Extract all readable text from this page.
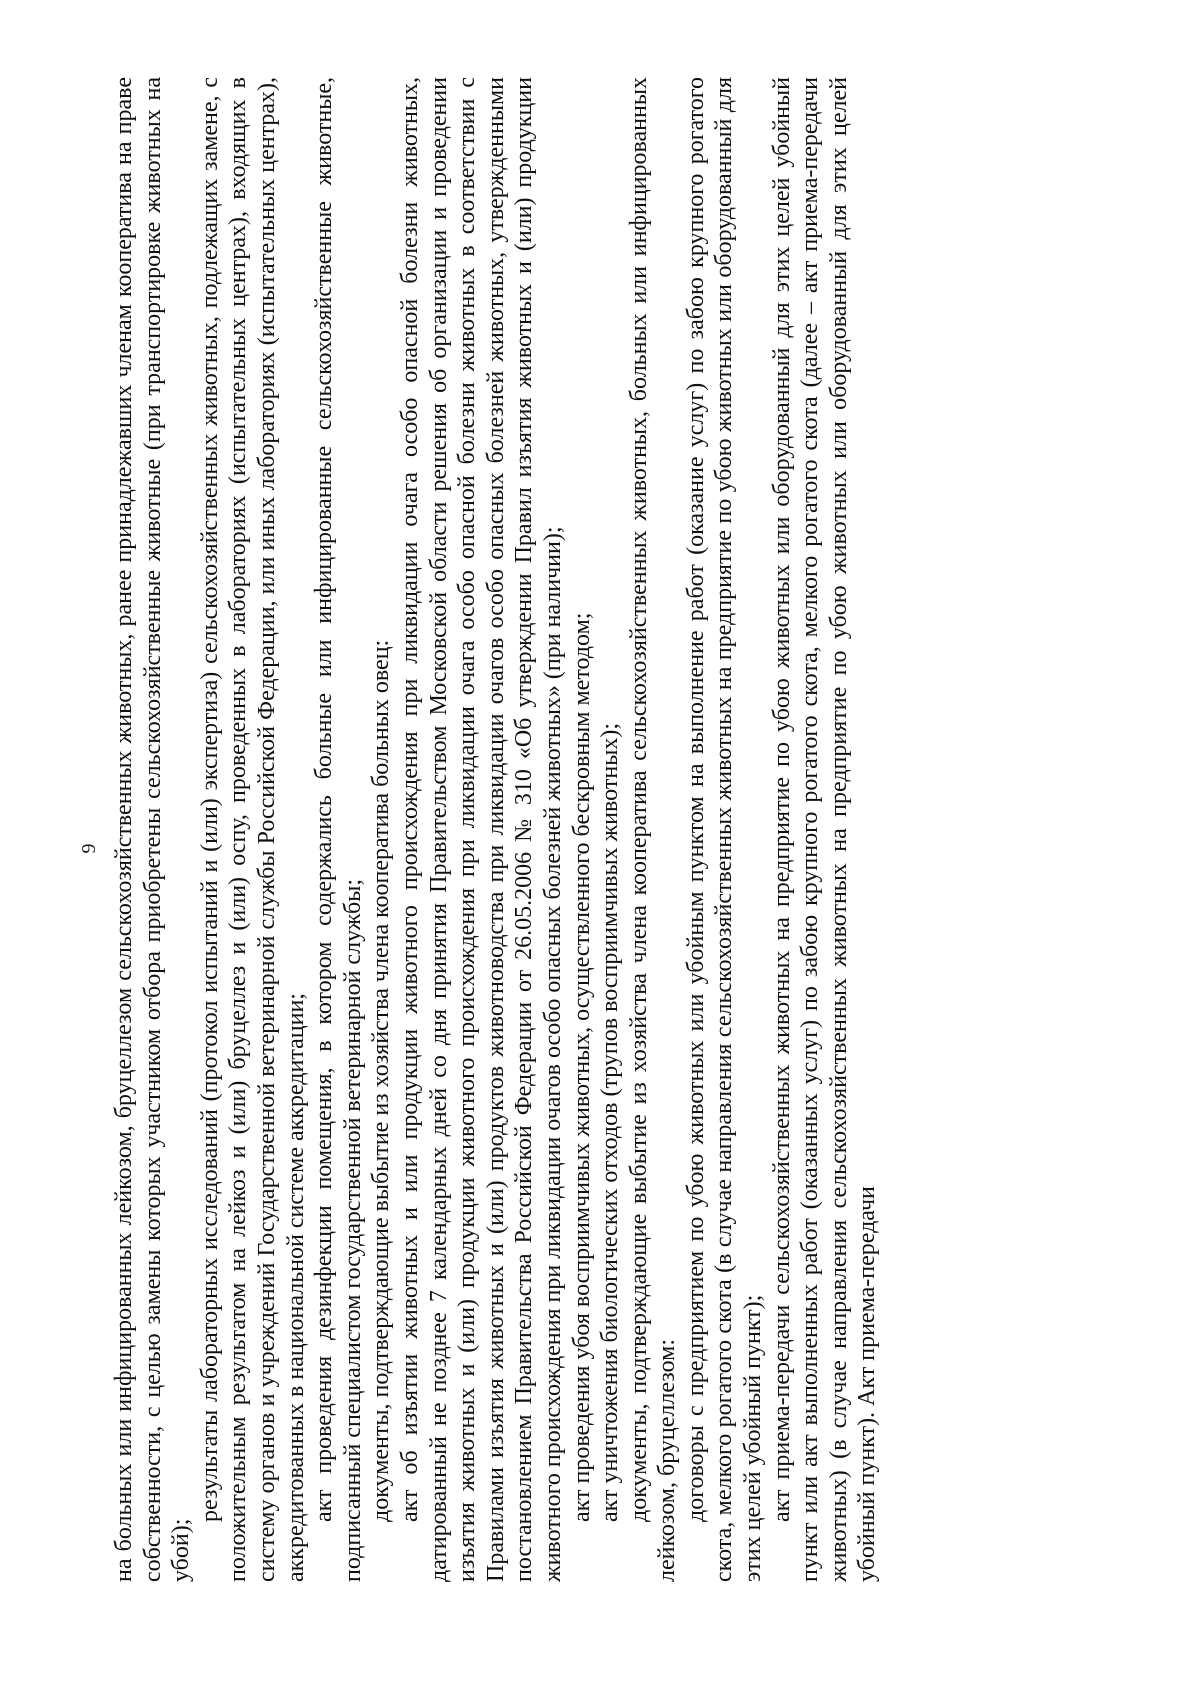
9 на больных или инфицированных лейкозом, бруцеллезом сельскохозяйственных животных, ранее принадлежавших членам кооператива на праве собственности, с целью замены которых участником отбора приобретены сельскохозяйственные животные (при транспортировке животных на убой);

результаты лабораторных исследований (протокол испытаний и (или) экспертиза) сельскохозяйственных животных, подлежащих замене, с положительным результатом на лейкоз и (или) бруцеллез и (или) оспу, проведенных в лабораториях (испытательных центрах), входящих в систему органов и учреждений Государственной ветеринарной службы Российской Федерации, или иных лабораториях (испытательных центрах), аккредитованных в национальной системе аккредитации; акт проведения дезинфекции помещения, в котором содержались больные или инфицированные сельскохозяйственные животные, подписанный специалистом государственной ветеринарной службы; документы, подтверждающие выбытие из хозяйства члена кооператива больных овец: акт об изъятии животных и или продукции животного происхождения при ликвидации очага особо опасной болезни животных, датированный не позднее 7 календарных дней со дня принятия Правительством Московской области решения об организации и проведении изъятия животных и (или) продукции животного происхождения при ликвидации очага особо опасной болезни животных в соответствии с Правилами изъятия животных и (или) продуктов животноводства при ликвидации очагов особо опасных болезней животных, утвержденными постановлением Правительства Российской Федерации от 26.05.2006 № 310 «Об утверждении Правил изъятия животных и (или) продукции животного происхождения при ликвидации очагов особо опасных болезней животных» (при наличии); акт проведения убоя восприимчивых животных, осуществленного бескровным методом; акт уничтожения биологических отходов (трупов восприимчивых животных); документы, подтверждающие выбытие из хозяйства члена кооператива сельскохозяйственных животных, больных или инфицированных лейкозом, бруцеллезом: договоры с предприятием по убою животных или убойным пунктом на выполнение работ (оказание услуг) по забою крупного рогатого скота, мелкого рогатого скота (в случае направления сельскохозяйственных животных на предприятие по убою животных или оборудованный для этих целей убойный пункт); акт приема-передачи сельскохозяйственных животных на предприятие по убою животных или оборудованный для этих целей убойный пункт или акт выполненных работ (оказанных услуг) по забою крупного рогатого скота, мелкого рогатого скота (далее – акт приема-передачи животных) (в случае направления сельскохозяйственных животных на предприятие по убою животных или оборудованный для этих целей убойный пункт). Акт приема-передачи
